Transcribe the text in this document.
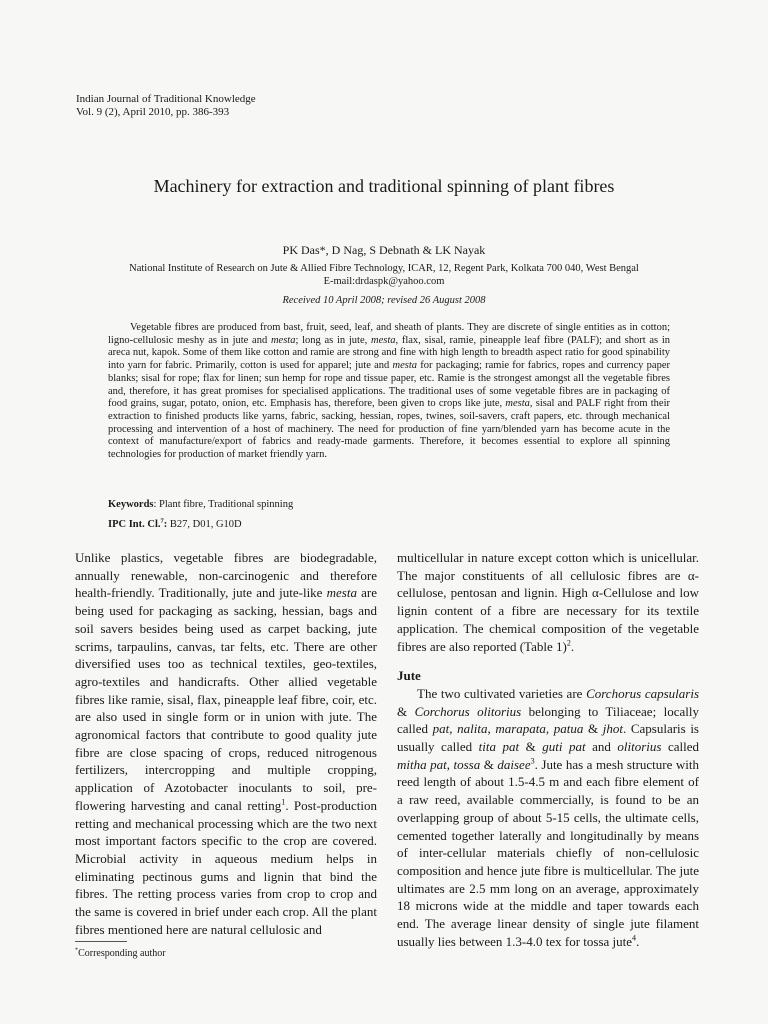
Indian Journal of Traditional Knowledge
Vol. 9 (2), April 2010, pp. 386-393
Machinery for extraction and traditional spinning of plant fibres
PK Das*, D Nag, S Debnath & LK Nayak
National Institute of Research on Jute & Allied Fibre Technology, ICAR, 12, Regent Park, Kolkata 700 040, West Bengal
E-mail:drdaspk@yahoo.com
Received 10 April 2008; revised 26 August 2008

Vegetable fibres are produced from bast, fruit, seed, leaf, and sheath of plants. They are discrete of single entities as in cotton; ligno-cellulosic meshy as in jute and mesta; long as in jute, mesta, flax, sisal, ramie, pineapple leaf fibre (PALF); and short as in areca nut, kapok. Some of them like cotton and ramie are strong and fine with high length to breadth aspect ratio for good spinability into yarn for fabric. Primarily, cotton is used for apparel; jute and mesta for packaging; ramie for fabrics, ropes and currency paper blanks; sisal for rope; flax for linen; sun hemp for rope and tissue paper, etc. Ramie is the strongest amongst all the vegetable fibres and, therefore, it has great promises for specialised applications. The traditional uses of some vegetable fibres are in packaging of food grains, sugar, potato, onion, etc. Emphasis has, therefore, been given to crops like jute, mesta, sisal and PALF right from their extraction to finished products like yarns, fabric, sacking, hessian, ropes, twines, soil-savers, craft papers, etc. through mechanical processing and intervention of a host of machinery. The need for production of fine yarn/blended yarn has become acute in the context of manufacture/export of fabrics and ready-made garments. Therefore, it becomes essential to explore all spinning technologies for production of market friendly yarn.

Keywords: Plant fibre, Traditional spinning
IPC Int. Cl.$^7$: B27, D01, G10D

Unlike plastics, vegetable fibres are biodegradable, annually renewable, non-carcinogenic and therefore health-friendly. Traditionally, jute and jute-like mesta are being used for packaging as sacking, hessian, bags and soil savers besides being used as carpet backing, jute scrims, tarpaulins, canvas, tar felts, etc. There are other diversified uses too as technical textiles, geo-textiles, agro-textiles and handicrafts. Other allied vegetable fibres like ramie, sisal, flax, pineapple leaf fibre, coir, etc. are also used in single form or in union with jute. The agronomical factors that contribute to good quality jute fibre are close spacing of crops, reduced nitrogenous fertilizers, intercropping and multiple cropping, application of Azotobacter inoculants to soil, pre-flowering harvesting and canal retting$^1$. Post-production retting and mechanical processing which are the two next most important factors specific to the crop are covered. Microbial activity in aqueous medium helps in eliminating pectinous gums and lignin that bind the fibres. The retting process varies from crop to crop and the same is covered in brief under each crop. All the plant fibres mentioned here are natural cellulosic and

multicellular in nature except cotton which is unicellular. The major constituents of all cellulosic fibres are α-cellulose, pentosan and lignin. High α-Cellulose and low lignin content of a fibre are necessary for its textile application. The chemical composition of the vegetable fibres are also reported (Table 1)$^2$.

Jute

The two cultivated varieties are Corchorus capsularis & Corchorus olitorius belonging to Tiliaceae; locally called pat, nalita, marapata, patua & jhot. Capsularis is usually called tita pat & guti pat and olitorius called mitha pat, tossa & daisee$^3$. Jute has a mesh structure with reed length of about 1.5-4.5 m and each fibre element of a raw reed, available commercially, is found to be an overlapping group of about 5-15 cells, the ultimate cells, cemented together laterally and longitudinally by means of inter-cellular materials chiefly of non-cellulosic composition and hence jute fibre is multicellular. The jute ultimates are 2.5 mm long on an average, approximately 18 microns wide at the middle and taper towards each end. The average linear density of single jute filament usually lies between 1.3-4.0 tex for tossa jute$^4$.

*Corresponding author
